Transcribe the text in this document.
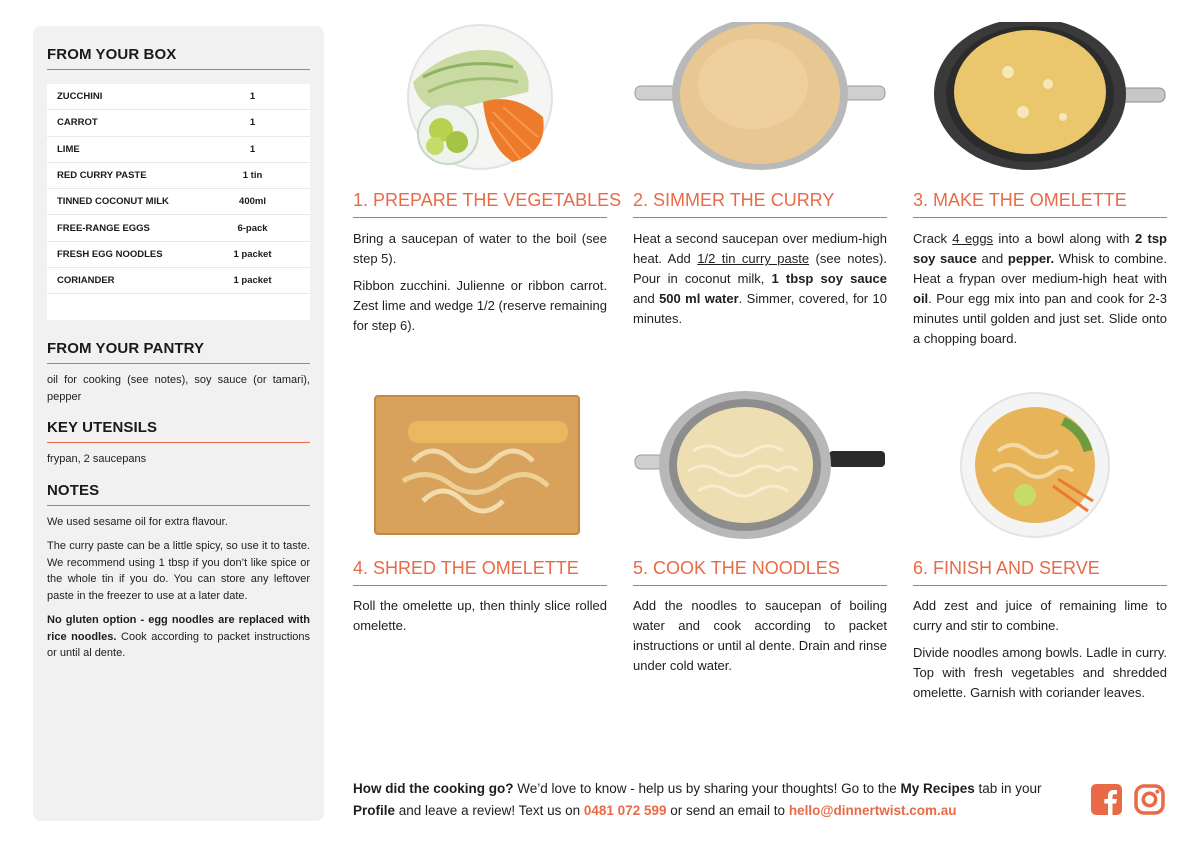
FROM YOUR BOX
ZUCCHINI	1
CARROT	1
LIME	1
RED CURRY PASTE	1 tin
TINNED COCONUT MILK	400ml
FREE-RANGE EGGS	6-pack
FRESH EGG NOODLES	1 packet
CORIANDER	1 packet
FROM YOUR PANTRY

oil for cooking (see notes), soy sauce (or tamari), pepper

KEY UTENSILS

frypan, 2 saucepans

NOTES

We used sesame oil for extra flavour.

The curry paste can be a little spicy, so use it to taste. We recommend using 1 tbsp if you don’t like spice or the whole tin if you do. You can store any leftover paste in the freezer to use at a later date.

No gluten option - egg noodles are replaced with rice noodles. Cook according to packet instructions or until al dente.

1. PREPARE THE VEGETABLES

Bring a saucepan of water to the boil (see step 5).

Ribbon zucchini. Julienne or ribbon carrot. Zest lime and wedge 1/2 (reserve remaining for step 6).

2. SIMMER THE CURRY

Heat a second saucepan over medium-high heat. Add 1/2 tin curry paste (see notes). Pour in coconut milk, 1 tbsp soy sauce and 500 ml water. Simmer, covered, for 10 minutes.

3. MAKE THE OMELETTE

Crack 4 eggs into a bowl along with 2 tsp soy sauce and pepper. Whisk to combine. Heat a frypan over medium-high heat with oil. Pour egg mix into pan and cook for 2-3 minutes until golden and just set. Slide onto a chopping board.

4. SHRED THE OMELETTE

Roll the omelette up, then thinly slice rolled omelette.

5. COOK THE NOODLES

Add the noodles to saucepan of boiling water and cook according to packet instructions or until al dente. Drain and rinse under cold water.

6. FINISH AND SERVE

Add zest and juice of remaining lime to curry and stir to combine.

Divide noodles among bowls. Ladle in curry. Top with fresh vegetables and shredded omelette. Garnish with coriander leaves.

How did the cooking go? We’d love to know - help us by sharing your thoughts! Go to the My Recipes tab in your Profile and leave a review! Text us on 0481 072 599 or send an email to hello@dinnertwist.com.au
